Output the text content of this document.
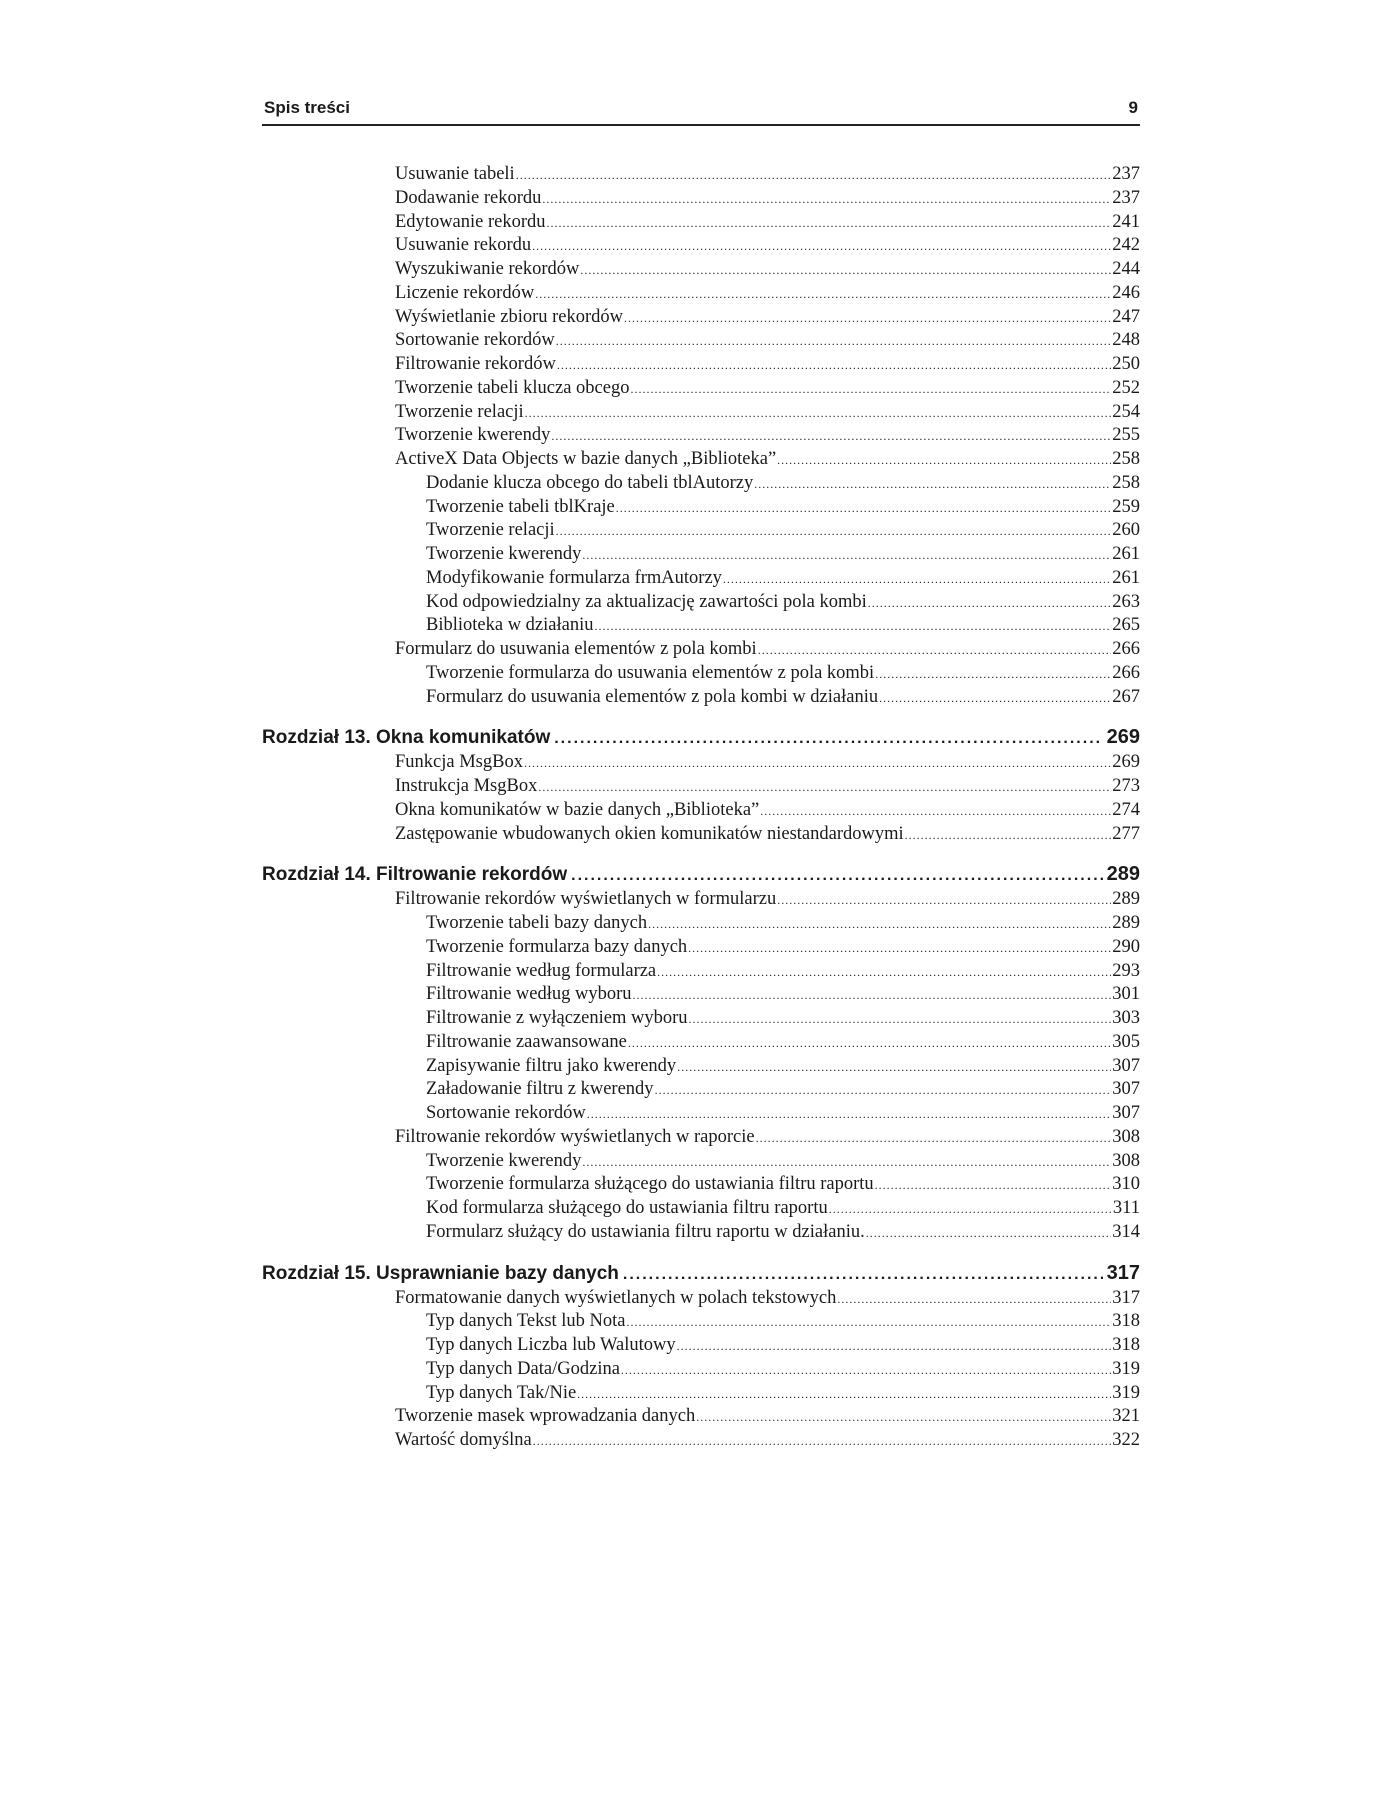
Spis treści	9
Usuwanie tabeli .....	237
Dodawanie rekordu .....	237
Edytowanie rekordu .....	241
Usuwanie rekordu .....	242
Wyszukiwanie rekordów .....	244
Liczenie rekordów .....	246
Wyświetlanie zbioru rekordów .....	247
Sortowanie rekordów .....	248
Filtrowanie rekordów .....	250
Tworzenie tabeli klucza obcego .....	252
Tworzenie relacji .....	254
Tworzenie kwerendy .....	255
ActiveX Data Objects w bazie danych „Biblioteka” .....	258
Dodanie klucza obcego do tabeli tblAutorzy .....	258
Tworzenie tabeli tblKraje .....	259
Tworzenie relacji .....	260
Tworzenie kwerendy .....	261
Modyfikowanie formularza frmAutorzy .....	261
Kod odpowiedzialny za aktualizację zawartości pola kombi .....	263
Biblioteka w działaniu .....	265
Formularz do usuwania elementów z pola kombi .....	266
Tworzenie formularza do usuwania elementów z pola kombi .....	266
Formularz do usuwania elementów z pola kombi w działaniu .....	267
Rozdział 13. Okna komunikatów .....	269
Funkcja MsgBox .....	269
Instrukcja MsgBox .....	273
Okna komunikatów w bazie danych „Biblioteka” .....	274
Zastępowanie wbudowanych okien komunikatów niestandardowymi .....	277
Rozdział 14. Filtrowanie rekordów .....	289
Filtrowanie rekordów wyświetlanych w formularzu .....	289
Tworzenie tabeli bazy danych .....	289
Tworzenie formularza bazy danych .....	290
Filtrowanie według formularza .....	293
Filtrowanie według wyboru .....	301
Filtrowanie z wyłączeniem wyboru .....	303
Filtrowanie zaawansowane .....	305
Zapisywanie filtru jako kwerendy .....	307
Załadowanie filtru z kwerendy .....	307
Sortowanie rekordów .....	307
Filtrowanie rekordów wyświetlanych w raporcie .....	308
Tworzenie kwerendy .....	308
Tworzenie formularza służącego do ustawiania filtru raportu .....	310
Kod formularza służącego do ustawiania filtru raportu .....	311
Formularz służący do ustawiania filtru raportu w działaniu. .....	314
Rozdział 15. Usprawnianie bazy danych .....	317
Formatowanie danych wyświetlanych w polach tekstowych .....	317
Typ danych Tekst lub Nota .....	318
Typ danych Liczba lub Walutowy .....	318
Typ danych Data/Godzina .....	319
Typ danych Tak/Nie .....	319
Tworzenie masek wprowadzania danych .....	321
Wartość domyślna .....	322
